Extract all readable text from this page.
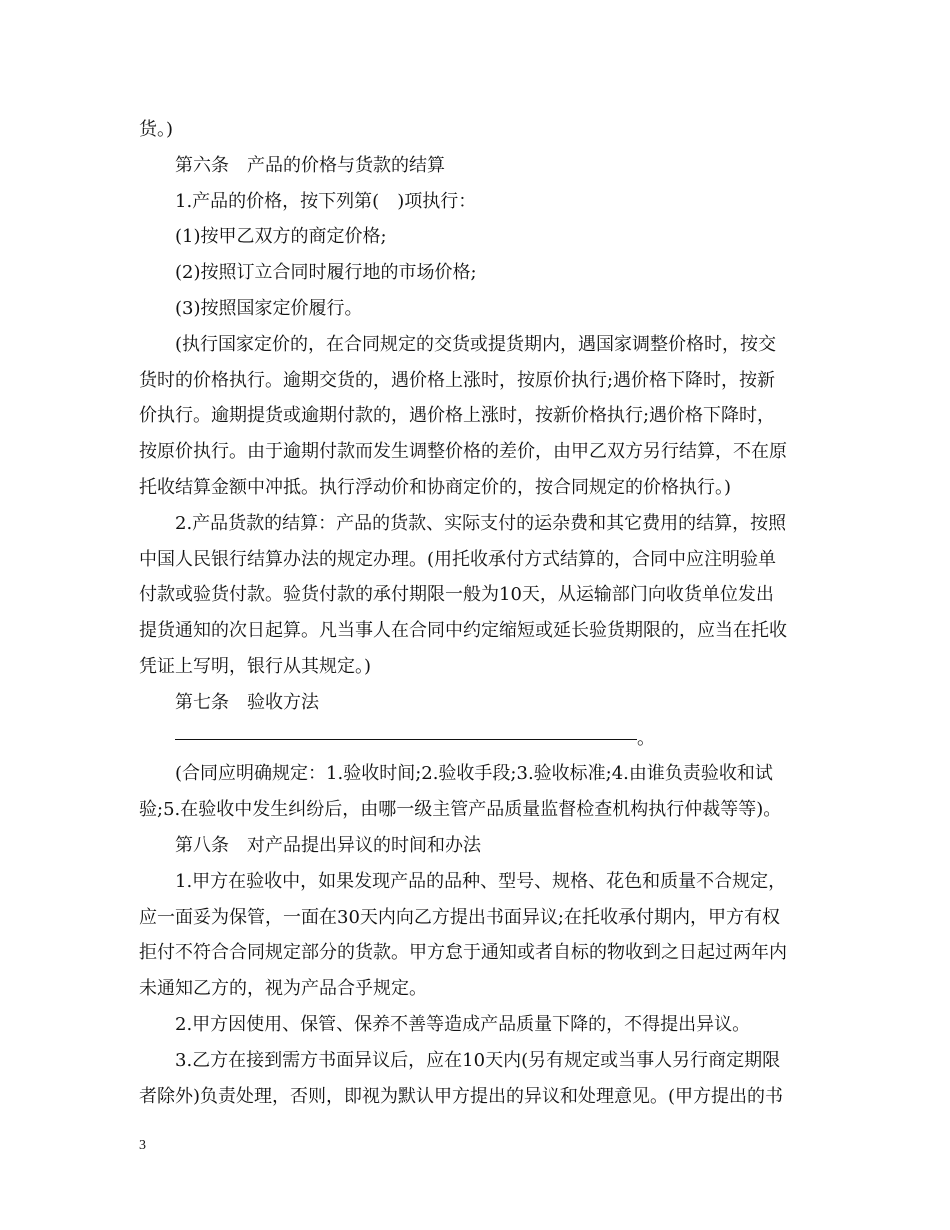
货。)
第六条 产品的价格与货款的结算
1.产品的价格，按下列第(　)项执行：
(1)按甲乙双方的商定价格;
(2)按照订立合同时履行地的市场价格;
(3)按照国家定价履行。
(执行国家定价的，在合同规定的交货或提货期内，遇国家调整价格时，按交
货时的价格执行。逾期交货的，遇价格上涨时，按原价执行;遇价格下降时，按新
价执行。逾期提货或逾期付款的，遇价格上涨时，按新价格执行;遇价格下降时，
按原价执行。由于逾期付款而发生调整价格的差价，由甲乙双方另行结算，不在原
托收结算金额中冲抵。执行浮动价和协商定价的，按合同规定的价格执行。)
2.产品货款的结算：产品的货款、实际支付的运杂费和其它费用的结算，按照
中国人民银行结算办法的规定办理。(用托收承付方式结算的，合同中应注明验单
付款或验货付款。验货付款的承付期限一般为10天，从运输部门向收货单位发出
提货通知的次日起算。凡当事人在合同中约定缩短或延长验货期限的，应当在托收
凭证上写明，银行从其规定。)
第七条 验收方法
。
(合同应明确规定：1.验收时间;2.验收手段;3.验收标准;4.由谁负责验收和试
验;5.在验收中发生纠纷后，由哪一级主管产品质量监督检查机构执行仲裁等等)。
第八条 对产品提出异议的时间和办法
1.甲方在验收中，如果发现产品的品种、型号、规格、花色和质量不合规定，
应一面妥为保管，一面在30天内向乙方提出书面异议;在托收承付期内，甲方有权
拒付不符合合同规定部分的货款。甲方怠于通知或者自标的物收到之日起过两年内
未通知乙方的，视为产品合乎规定。
2.甲方因使用、保管、保养不善等造成产品质量下降的，不得提出异议。
3.乙方在接到需方书面异议后，应在10天内(另有规定或当事人另行商定期限
者除外)负责处理，否则，即视为默认甲方提出的异议和处理意见。(甲方提出的书
3
